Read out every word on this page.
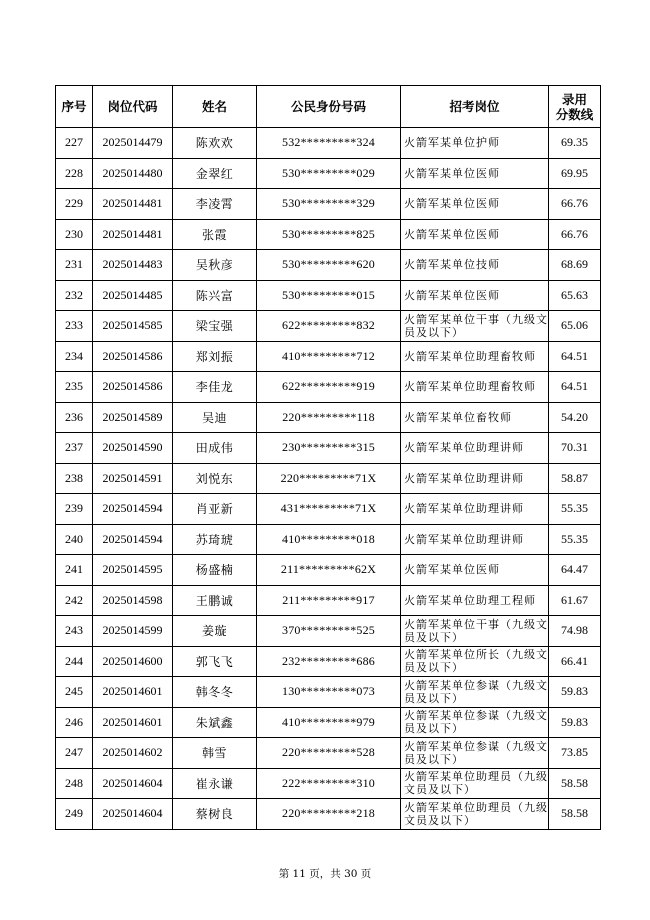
序号	岗位代码	姓名	公民身份号码	招考岗位	录用
分数线
227	2025014479	陈欢欢	532*********324	火箭军某单位护师	69.35
228	2025014480	金翠红	530*********029	火箭军某单位医师	69.95
229	2025014481	李凌霄	530*********329	火箭军某单位医师	66.76
230	2025014481	张霞	530*********825	火箭军某单位医师	66.76
231	2025014483	吴秋彦	530*********620	火箭军某单位技师	68.69
232	2025014485	陈兴富	530*********015	火箭军某单位医师	65.63
233	2025014585	梁宝强	622*********832	火箭军某单位干事（九级文员及以下）	65.06
234	2025014586	郑刘振	410*********712	火箭军某单位助理畜牧师	64.51
235	2025014586	李佳龙	622*********919	火箭军某单位助理畜牧师	64.51
236	2025014589	吴迪	220*********118	火箭军某单位畜牧师	54.20
237	2025014590	田成伟	230*********315	火箭军某单位助理讲师	70.31
238	2025014591	刘悦东	220*********71X	火箭军某单位助理讲师	58.87
239	2025014594	肖亚新	431*********71X	火箭军某单位助理讲师	55.35
240	2025014594	苏琦琥	410*********018	火箭军某单位助理讲师	55.35
241	2025014595	杨盛楠	211*********62X	火箭军某单位医师	64.47
242	2025014598	王鹏诚	211*********917	火箭军某单位助理工程师	61.67
243	2025014599	姜璇	370*********525	火箭军某单位干事（九级文员及以下）	74.98
244	2025014600	郭飞飞	232*********686	火箭军某单位所长（九级文员及以下）	66.41
245	2025014601	韩冬冬	130*********073	火箭军某单位参谋（九级文员及以下）	59.83
246	2025014601	朱斌鑫	410*********979	火箭军某单位参谋（九级文员及以下）	59.83
247	2025014602	韩雪	220*********528	火箭军某单位参谋（九级文员及以下）	73.85
248	2025014604	崔永谦	222*********310	火箭军某单位助理员（九级文员及以下）	58.58
249	2025014604	蔡树良	220*********218	火箭军某单位助理员（九级文员及以下）	58.58
第 11 页，共 30 页
